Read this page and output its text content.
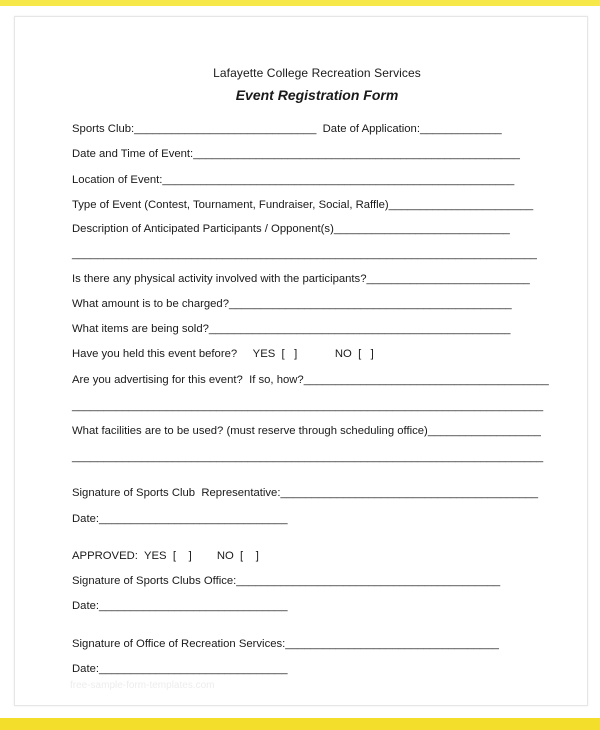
Lafayette College Recreation Services
Event Registration Form
Sports Club:_____________________________  Date of Application:_____________
Date and Time of Event:____________________________________________________
Location of Event:________________________________________________________
Type of Event (Contest, Tournament, Fundraiser, Social, Raffle)_______________________
Description of Anticipated Participants / Opponent(s)____________________________
__________________________________________________________________________
Is there any physical activity involved with the participants?__________________________
What amount is to be charged?_____________________________________________
What items are being sold?________________________________________________
Have you held this event before?     YES  [   ]            NO  [   ]
Are you advertising for this event?  If so, how?_______________________________________
___________________________________________________________________________
What facilities are to be used? (must reserve through scheduling office)__________________
___________________________________________________________________________
Signature of Sports Club  Representative:_________________________________________
Date:______________________________
APPROVED:  YES  [    ]        NO  [    ]
Signature of Sports Clubs Office:__________________________________________
Date:______________________________
Signature of Office of Recreation Services:__________________________________
Date:______________________________
free-sample-form-templates.com
